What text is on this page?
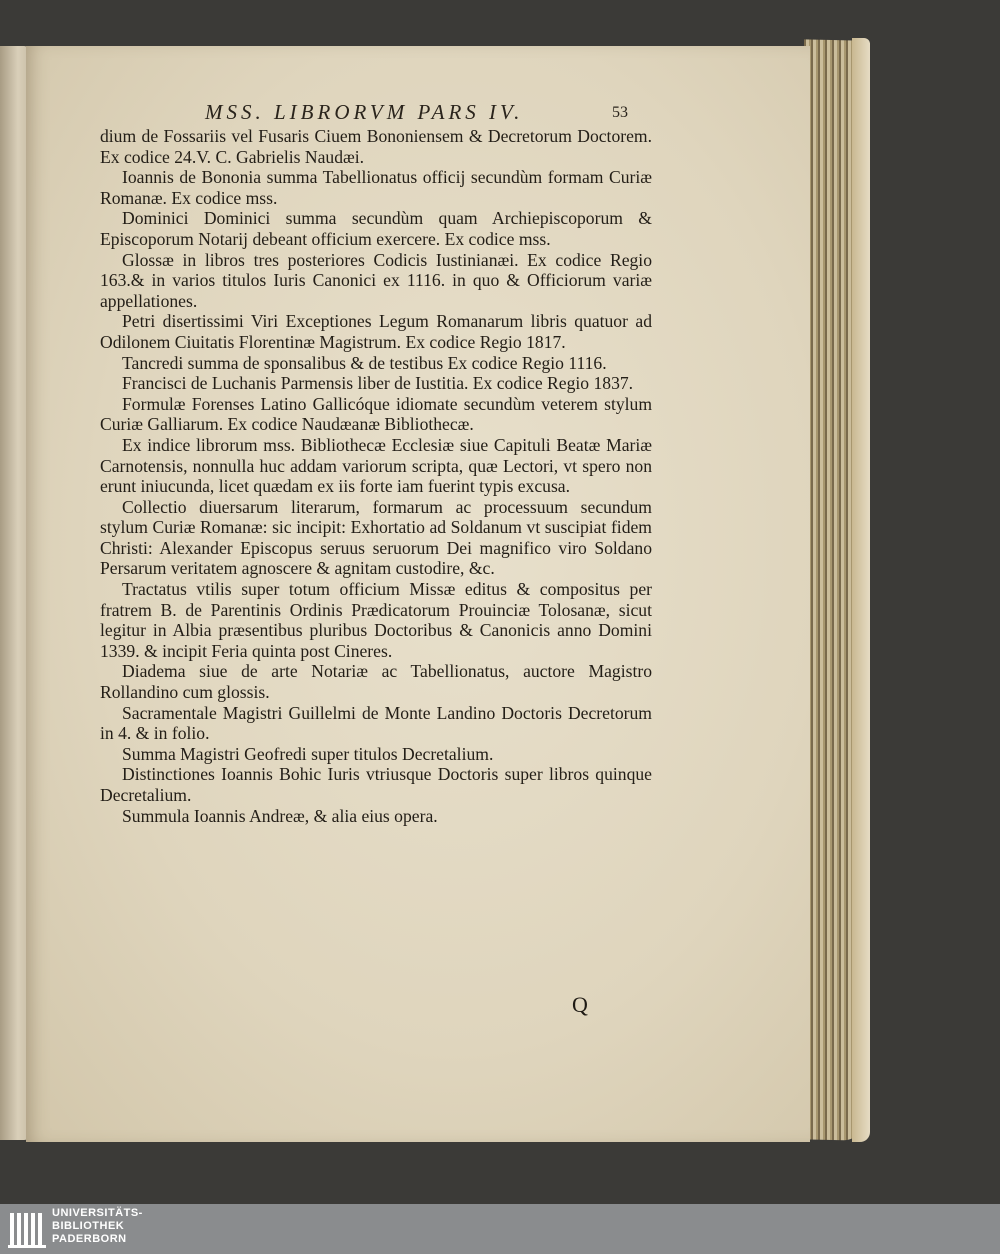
MSS. LIBRORVM PARS IV.	53

dium de Fossariis vel Fusaris Ciuem Bononiensem & Decretorum Doctorem. Ex codice 24.V. C. Gabrielis Naudæi.

Ioannis de Bononia summa Tabellionatus officij secundùm formam Curiæ Romanæ. Ex codice mss.

Dominici Dominici summa secundùm quam Archiepiscoporum & Episcoporum Notarij debeant officium exercere. Ex codice mss.

Glossæ in libros tres posteriores Codicis Iustinianæi. Ex codice Regio 163.& in varios titulos Iuris Canonici ex 1116. in quo & Officiorum variæ appellationes.

Petri disertissimi Viri Exceptiones Legum Romanarum libris quatuor ad Odilonem Ciuitatis Florentinæ Magistrum. Ex codice Regio 1817.

Tancredi summa de sponsalibus & de testibus Ex codice Regio 1116.

Francisci de Luchanis Parmensis liber de Iustitia. Ex codice Regio 1837.

Formulæ Forenses Latino Gallicóque idiomate secundùm veterem stylum Curiæ Galliarum. Ex codice Naudæanæ Bibliothecæ.

Ex indice librorum mss. Bibliothecæ Ecclesiæ siue Capituli Beatæ Mariæ Carnotensis, nonnulla huc addam variorum scripta, quæ Lectori, vt spero non erunt iniucunda, licet quædam ex iis forte iam fuerint typis excusa.

Collectio diuersarum literarum, formarum ac processuum secundum stylum Curiæ Romanæ: sic incipit: Exhortatio ad Soldanum vt suscipiat fidem Christi: Alexander Episcopus seruus seruorum Dei magnifico viro Soldano Persarum veritatem agnoscere & agnitam custodire, &c.

Tractatus vtilis super totum officium Missæ editus & compositus per fratrem B. de Parentinis Ordinis Prædicatorum Prouinciæ Tolosanæ, sicut legitur in Albia præsentibus pluribus Doctoribus & Canonicis anno Domini 1339. & incipit Feria quinta post Cineres.

Diadema siue de arte Notariæ ac Tabellionatus, auctore Magistro Rollandino cum glossis.

Sacramentale Magistri Guillelmi de Monte Landino Doctoris Decretorum in 4. & in folio.

Summa Magistri Geofredi super titulos Decretalium.

Distinctiones Ioannis Bohic Iuris vtriusque Doctoris super libros quinque Decretalium.

Summula Ioannis Andreæ, & alia eius opera.

Q
UNIVERSITÄTS-
BIBLIOTHEK
PADERBORN
